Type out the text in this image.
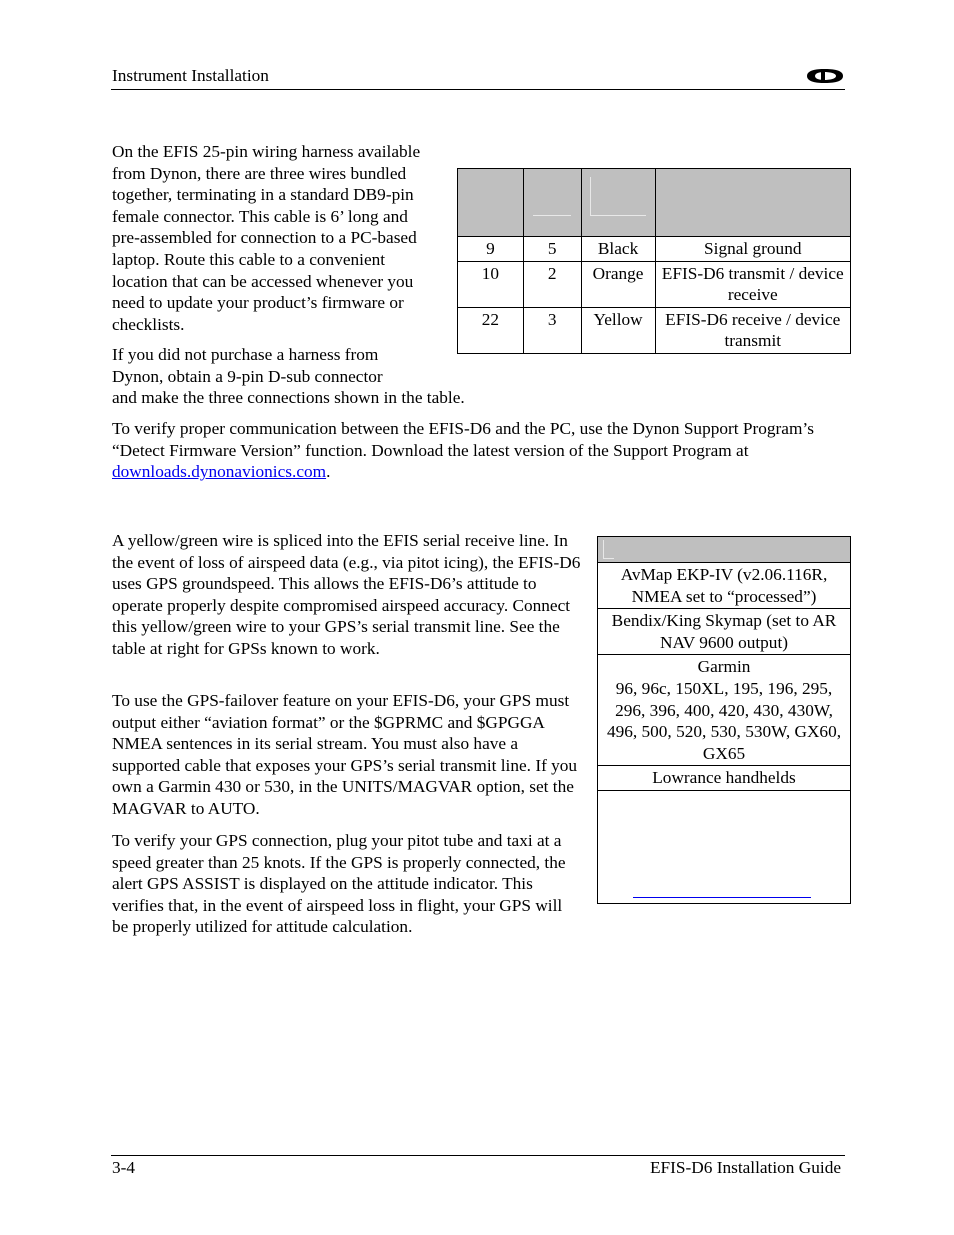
Instrument Installation
On the EFIS 25-pin wiring harness available from Dynon, there are three wires bundled together, terminating in a standard DB9-pin female connector. This cable is 6’ long and pre-assembled for connection to a PC-based laptop. Route this cable to a convenient location that can be accessed whenever you need to update your product’s firmware or checklists.
If you did not purchase a harness from
Dynon, obtain a 9-pin D-sub connector
and make the three connections shown in the table.

9	5	Black	Signal ground
10	2	Orange	EFIS-D6 transmit / device receive
22	3	Yellow	EFIS-D6 receive / device transmit
To verify proper communication between the EFIS-D6 and the PC, use the Dynon Support Program’s “Detect Firmware Version” function. Download the latest version of the Support Program at downloads.dynonavionics.com.
A yellow/green wire is spliced into the EFIS serial receive line. In the event of loss of airspeed data (e.g., via pitot icing), the EFIS-D6 uses GPS groundspeed. This allows the EFIS-D6’s attitude to operate properly despite compromised airspeed accuracy. Connect this yellow/green wire to your GPS’s serial transmit line. See the table at right for GPSs known to work.
To use the GPS-failover feature on your EFIS-D6, your GPS must output either “aviation format” or the $GPRMC and $GPGGA NMEA sentences in its serial stream. You must also have a supported cable that exposes your GPS’s serial transmit line. If you own a Garmin 430 or 530, in the UNITS/MAGVAR option, set the MAGVAR to AUTO.
To verify your GPS connection, plug your pitot tube and taxi at a speed greater than 25 knots. If the GPS is properly connected, the alert GPS ASSIST is displayed on the attitude indicator. This verifies that, in the event of airspeed loss in flight, your GPS will be properly utilized for attitude calculation.

AvMap EKP-IV (v2.06.116R, NMEA set to “processed”)
Bendix/King Skymap (set to AR NAV 9600 output)

Garmin
96, 96c, 150XL, 195, 196, 295, 296, 396, 400, 420, 430, 430W, 496, 500, 520, 530, 530W, GX60, GX65

Lowrance handhelds

3-4	EFIS-D6 Installation Guide
